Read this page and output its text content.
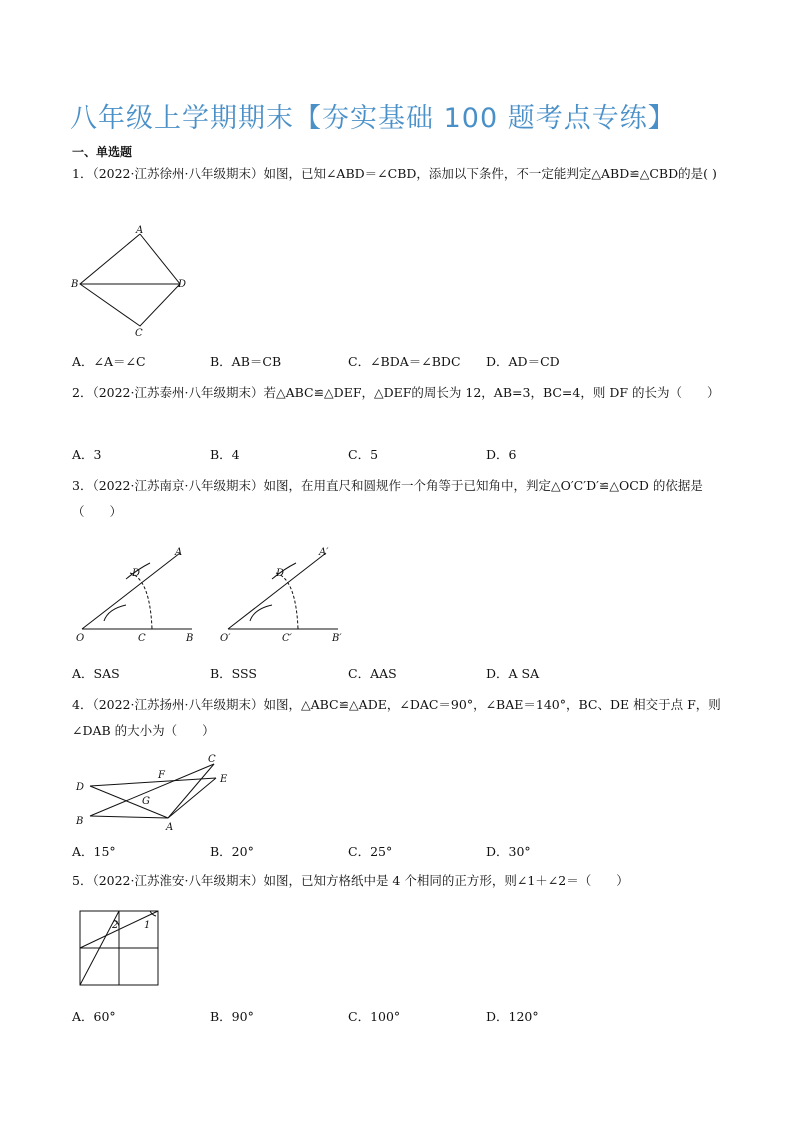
八年级上学期期末【夯实基础 100 题考点专练】
一、单选题
1．（2022·江苏徐州·八年级期末）如图，已知∠ABD＝∠CBD，添加以下条件，不一定能判定△ABD≌△CBD的是( )
A
B	D
C
A．∠A＝∠C	B．AB＝CB	C．∠BDA＝∠BDC D．AD＝CD
2．（2022·江苏泰州·八年级期末）若△ABC≌△DEF，△DEF的周长为 12，AB=3，BC=4，则 DF 的长为（　　）
A．3	B．4	C．5	D．6
3．（2022·江苏南京·八年级期末）如图，在用直尺和圆规作一个角等于已知角中，判定△O′C′D′≌△OCD 的依据是（　　）
D
A
O	C	B
D′
A′
O′	C′	B′
A．SAS	B．SSS	C．AAS	D．A SA
4．（2022·江苏扬州·八年级期末）如图，△ABC≌△ADE，∠DAC＝90°，∠BAE＝140°，BC、DE 相交于点 F，则∠DAB 的大小为（　　）
C
F	E
D
G
B
A
A．15°	B．20°	C．25°	D．30°
5．（2022·江苏淮安·八年级期末）如图，已知方格纸中是 4 个相同的正方形，则∠1＋∠2＝（　　）
2	1
A．60°	B．90°	C．100°	D．120°
